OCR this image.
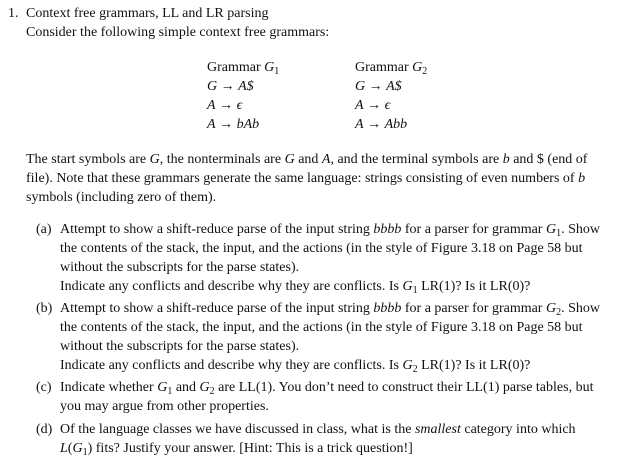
1. Context free grammars, LL and LR parsing
Consider the following simple context free grammars:
Grammar $G_1$
G → A$
A → ϵ
A → bAb
Grammar $G_2$
G → A$
A → ϵ
A → Abb
The start symbols are G, the nonterminals are G and A, and the terminal symbols are b and $ (end of
file). Note that these grammars generate the same language: strings consisting of even numbers of b
symbols (including zero of them).
(a) Attempt to show a shift-reduce parse of the input string bbbb for a parser for grammar $G_1$. Show
the contents of the stack, the input, and the actions (in the style of Figure 3.18 on Page 58 but
without the subscripts for the parse states).
Indicate any conflicts and describe why they are conflicts. Is $G_1$ LR(1)? Is it LR(0)?
(b) Attempt to show a shift-reduce parse of the input string bbbb for a parser for grammar $G_2$. Show
the contents of the stack, the input, and the actions (in the style of Figure 3.18 on Page 58 but
without the subscripts for the parse states).
Indicate any conflicts and describe why they are conflicts. Is $G_2$ LR(1)? Is it LR(0)?
(c) Indicate whether $G_1$ and $G_2$ are LL(1). You don’t need to construct their LL(1) parse tables, but
you may argue from other properties.
(d) Of the language classes we have discussed in class, what is the smallest category into which
$L(G_1)$ fits? Justify your answer. [Hint: This is a trick question!]
